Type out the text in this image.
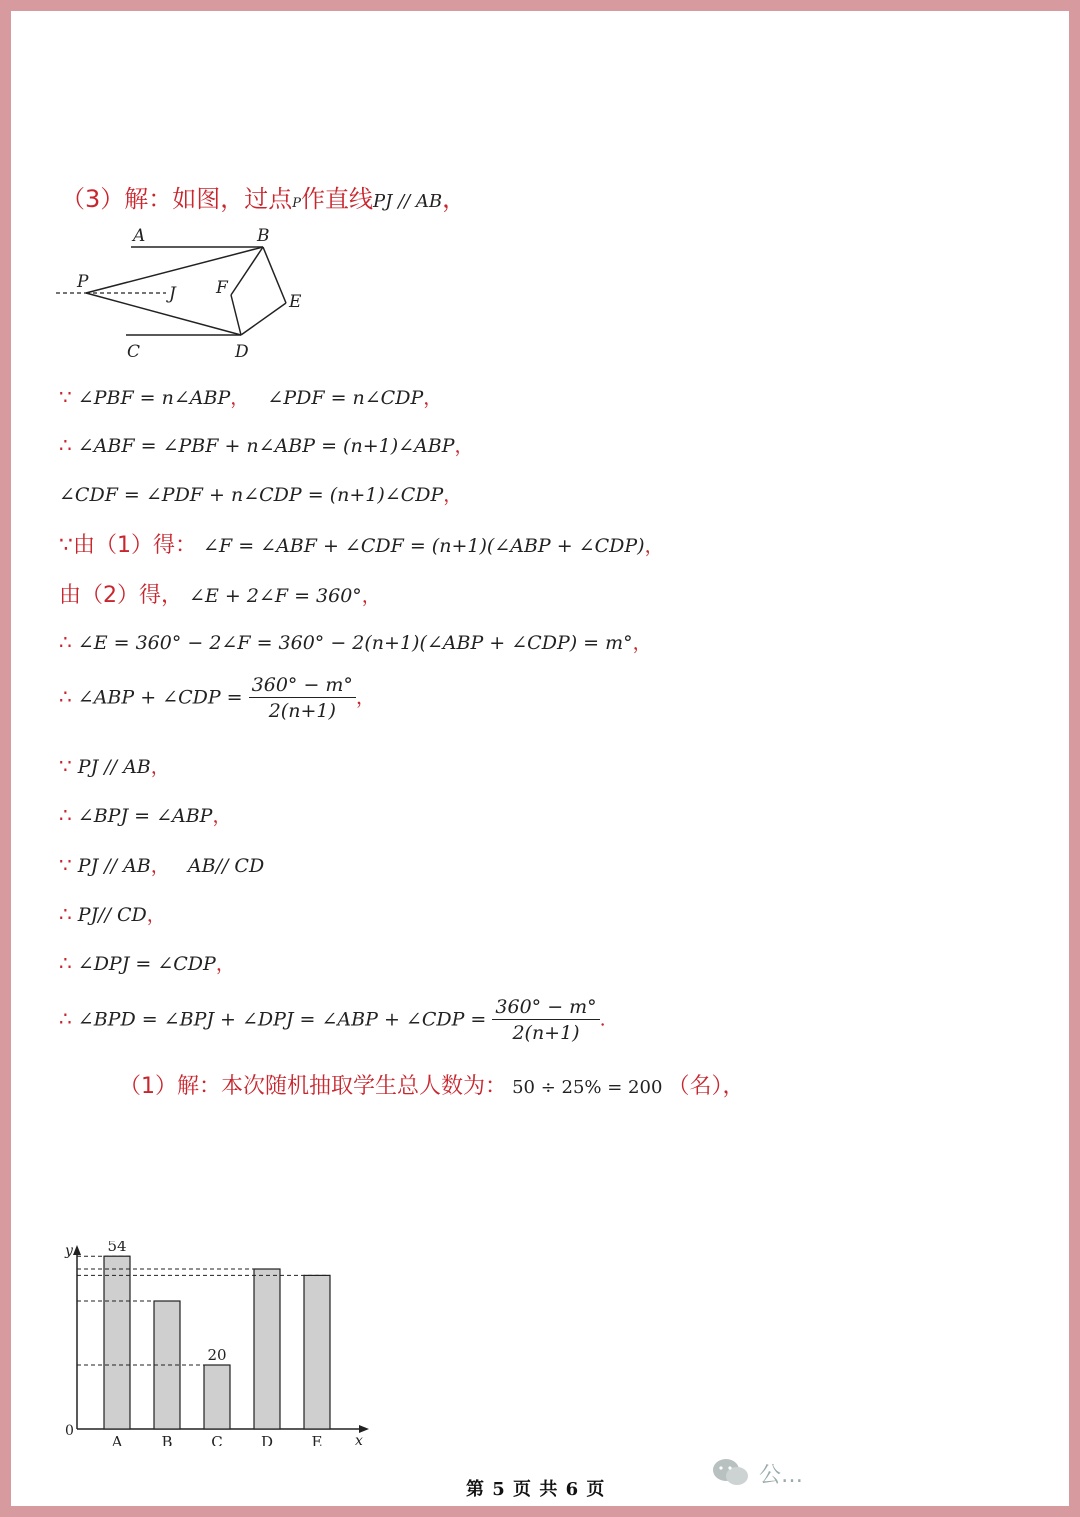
（3）解：如图，过点P作直线PJ // AB，
A	B
C	D
E
F
P
J
∵ ∠PBF = n∠ABP， ∠PDF = n∠CDP，
∴ ∠ABF = ∠PBF + n∠ABP = (n+1)∠ABP，
∠CDF = ∠PDF + n∠CDP = (n+1)∠CDP，
∵由（1）得： ∠F = ∠ABF + ∠CDF = (n+1)(∠ABP + ∠CDP)，
由（2）得， ∠E + 2∠F = 360°，
∴ ∠E = 360° − 2∠F = 360° − 2(n+1)(∠ABP + ∠CDP) = m°，
∴ ∠ABP + ∠CDP = $\frac{360^\circ - m^\circ}{2(n+1)}$ ，
∵ PJ // AB，
∴ ∠BPJ = ∠ABP，
∵ PJ // AB， AB// CD
∴ PJ// CD，
∴ ∠DPJ = ∠CDP，
∴ ∠BPD = ∠BPJ + ∠DPJ = ∠ABP + ∠CDP = $\frac{360^\circ - m^\circ}{2(n+1)}$ .
（1）解：本次随机抽取学生总人数为： 50 ÷ 25% = 200 （名），
y
x
0
A
54
B	C
20
D	E
第 5 页 共 6 页
公…
